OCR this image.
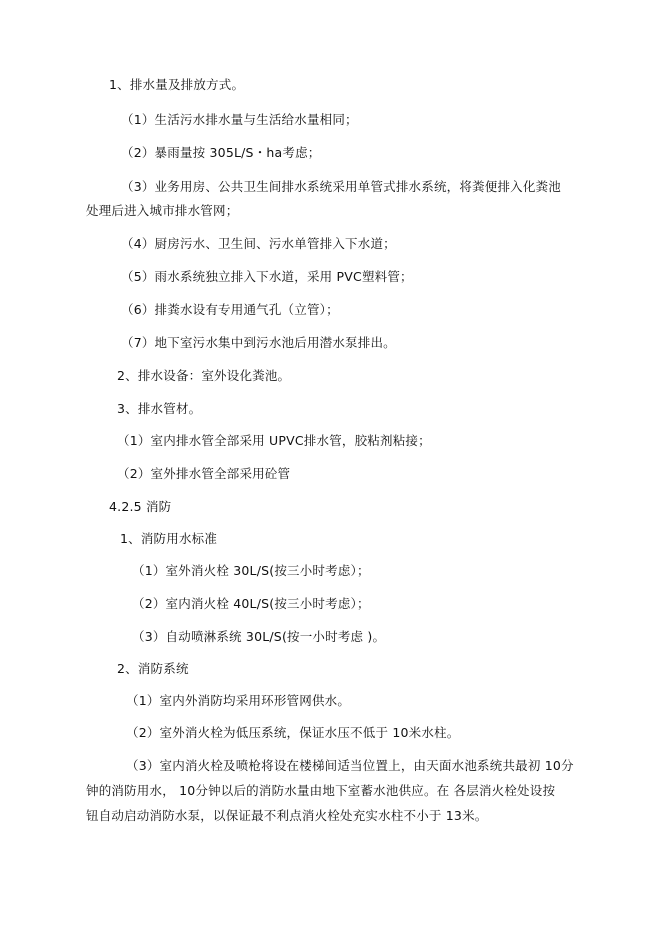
1、排水量及排放方式。
（1）生活污水排水量与生活给水量相同；
（2）暴雨量按 305L/S・ha考虑；
（3）业务用房、公共卫生间排水系统采用单管式排水系统，将粪便排入化粪池
处理后进入城市排水管网；
（4）厨房污水、卫生间、污水单管排入下水道；
（5）雨水系统独立排入下水道，采用 PVC塑料管；
（6）排粪水设有专用通气孔（立管）；
（7）地下室污水集中到污水池后用潜水泵排出。
2、排水设备：室外设化粪池。
3、排水管材。
（1）室内排水管全部采用 UPVC排水管，胶粘剂粘接；
（2）室外排水管全部采用砼管
4.2.5 消防
1、消防用水标准
（1）室外消火栓 30L/S(按三小时考虑）；
（2）室内消火栓 40L/S(按三小时考虑）；
（3）自动喷淋系统 30L/S(按一小时考虑 )。
2、消防系统
（1）室内外消防均采用环形管网供水。
（2）室外消火栓为低压系统，保证水压不低于 10米水柱。
（3）室内消火栓及喷枪将设在楼梯间适当位置上，由天面水池系统共最初 10分
钟的消防用水， 10分钟以后的消防水量由地下室蓄水池供应。在 各层消火栓处设按
钮自动启动消防水泵，以保证最不利点消火栓处充实水柱不小于 13米。
